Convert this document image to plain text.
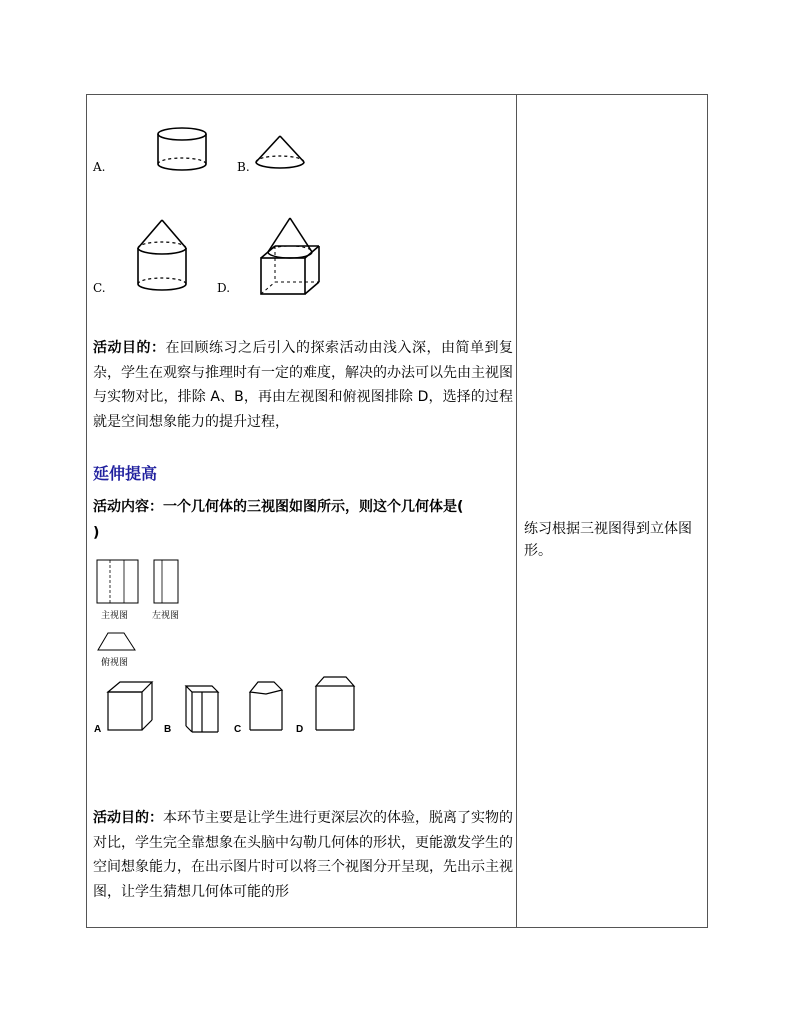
A.	B.
C.	D.
活动目的：在回顾练习之后引入的探索活动由浅入深，由简单到复杂，学生在观察与推理时有一定的难度，解决的办法可以先由主视图与实物对比，排除 A、B，再由左视图和俯视图排除 D，选择的过程就是空间想象能力的提升过程，
延伸提高
活动内容：一个几何体的三视图如图所示，则这个几何体是(
)
主视图	左视图
俯视图
A	B	C	D
活动目的：本环节主要是让学生进行更深层次的体验，脱离了实物的对比，学生完全靠想象在头脑中勾勒几何体的形状，更能激发学生的空间想象能力，在出示图片时可以将三个视图分开呈现，先出示主视图，让学生猜想几何体可能的形
练习根据三视图得到立体图形。
